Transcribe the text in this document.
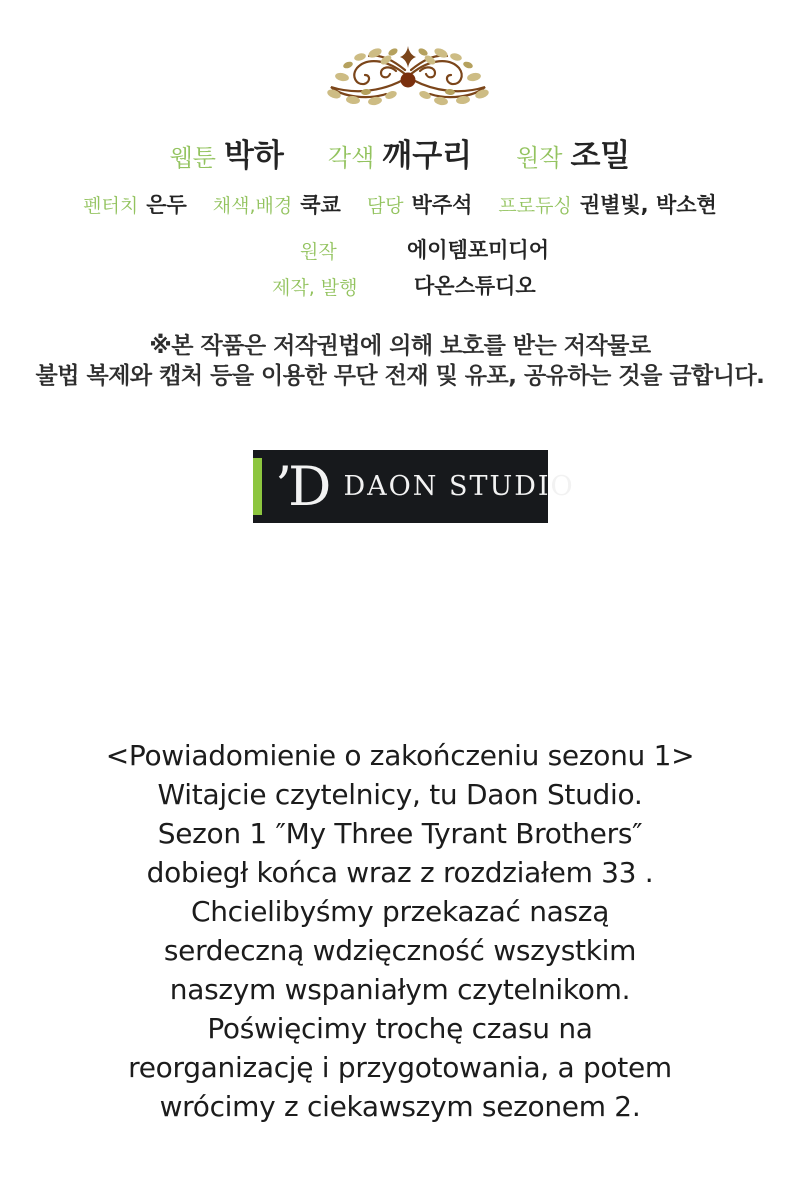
웹툰 박하 각색 깨구리 원작 조밀
펜터치 은두 채색,배경 쿡쿄 담당 박주석 프로듀싱 권별빛, 박소현
원작	에이템포미디어
제작, 발행	다온스튜디오
※본 작품은 저작권법에 의해 보호를 받는 저작물로
불법 복제와 캡처 등을 이용한 무단 전재 및 유포, 공유하는 것을 금합니다.
’D DAON STUDIO
<Powiadomienie o zakończeniu sezonu 1>
Witajcie czytelnicy, tu Daon Studio.
Sezon 1 ″My Three Tyrant Brothers″
dobiegł końca wraz z rozdziałem 33 .
Chcielibyśmy przekazać naszą
serdeczną wdzięczność wszystkim
naszym wspaniałym czytelnikom.
Poświęcimy trochę czasu na
reorganizację i przygotowania, a potem
wrócimy z ciekawszym sezonem 2.
